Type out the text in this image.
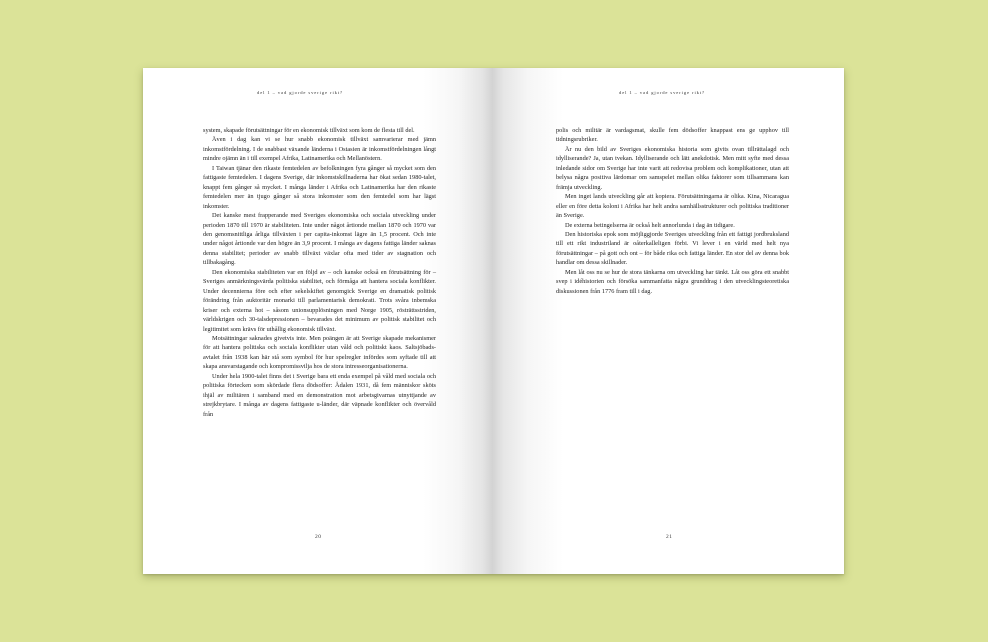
del 1 – vad gjorde sverige rikt?

system, skapade förutsättningar för en ekonomisk tillväxt som kom de flesta till del.

Även i dag kan vi se hur snabb ekonomisk tillväxt samvarierar med jämn inkomstfördelning. I de snabbast växande länderna i Ostasien är inkomstfördelningen långt mindre ojämn än i till exempel Afrika, Latinamerika och Mellanöstern.

I Taiwan tjänar den rikaste femtedelen av befolkningen fyra gånger så mycket som den fattigaste femtedelen. I dagens Sverige, där inkomstskillnaderna har ökat sedan 1980-talet, knappt fem gånger så mycket. I många länder i Afrika och Latinamerika har den rikaste femtedelen mer än tjugo gånger så stora inkomster som den femtedel som har lägst inkomster.

Det kanske mest frapperande med Sveriges ekonomiska och sociala utveckling under perioden 1870 till 1970 är stabiliteten. Inte under något årtionde mellan 1870 och 1970 var den genomsnittliga årliga tillväxten i per capita-inkomst lägre än 1,5 procent. Och inte under något årtionde var den högre än 3,9 procent. I många av dagens fattiga länder saknas denna stabilitet; perioder av snabb tillväxt växlar ofta med tider av stagnation och tillbakagång.

Den ekonomiska stabiliteten var en följd av – och kanske också en förutsättning för – Sveriges anmärkningsvärda politiska stabilitet, och förmåga att hantera sociala konflikter. Under decennierna före och efter sekelskiftet genomgick Sverige en dramatisk politisk förändring från auktoritär monarki till parlamentarisk demokrati. Trots svåra inbemska kriser och externa hot – såsom unionsupplösningen med Norge 1905, rösträttsstriden, världskrigen och 30-talsdepressionen – bevarades det minimum av politisk stabilitet och legitimitet som krävs för uthållig ekonomisk tillväxt.

Motsättningar saknades givetvis inte. Men poängen är att Sverige skapade mekanismer för att hantera politiska och sociala konflikter utan våld och politiskt kaos. Saltsjöbads-avtalet från 1938 kan här stå som symbol för hur spelregler infördes som syftade till att skapa ansvarstagande och kompromissvilja hos de stora intresseorganisationerna.

Under hela 1900-talet finns det i Sverige bara ett enda exempel på våld med sociala och politiska förtecken som skördade flera dödsoffer: Ådalen 1931, då fem människor sköts ihjäl av militären i samband med en demonstration mot arbetsgivarnas utnyttjande av strejkbrytare. I många av dagens fattigaste u-länder, där väpnade konflikter och övervåld från

20
del 1 – vad gjorde sverige rikt?

polis och militär är vardagsmat, skulle fem dödsoffer knappast ens ge upphov till tidningsrubriker.

Är nu den bild av Sveriges ekonomiska historia som givits ovan tillrättalagd och idylliserande? Ja, utan tvekan. Idylliserande och lätt anekdotisk. Men mitt syfte med dessa inledande sidor om Sverige har inte varit att redovisa problem och komplikationer, utan att belysa några positiva lärdomar om samspelet mellan olika faktorer som tillsammans kan främja utveckling.

Men inget lands utveckling går att kopiera. Förutsättningarna är olika. Kina, Nicaragua eller en före detta koloni i Afrika har helt andra samhällsstrukturer och politiska traditioner än Sverige.

De externa betingelserna är också helt annorlunda i dag än tidigare.

Den historiska epok som möjliggjorde Sveriges utveckling från ett fattigt jordbruksland till ett rikt industriland är oåterkalleligen förbi. Vi lever i en värld med helt nya förutsättningar – på gott och ont – för både rika och fattiga länder. En stor del av denna bok handlar om dessa skillnader.

Men låt oss nu se hur de stora tänkarna om utveckling har tänkt. Låt oss göra ett snabbt svep i idéhistorien och försöka sammanfatta några grunddrag i den utvecklingsteoretiska diskussionen från 1776 fram till i dag.

21
